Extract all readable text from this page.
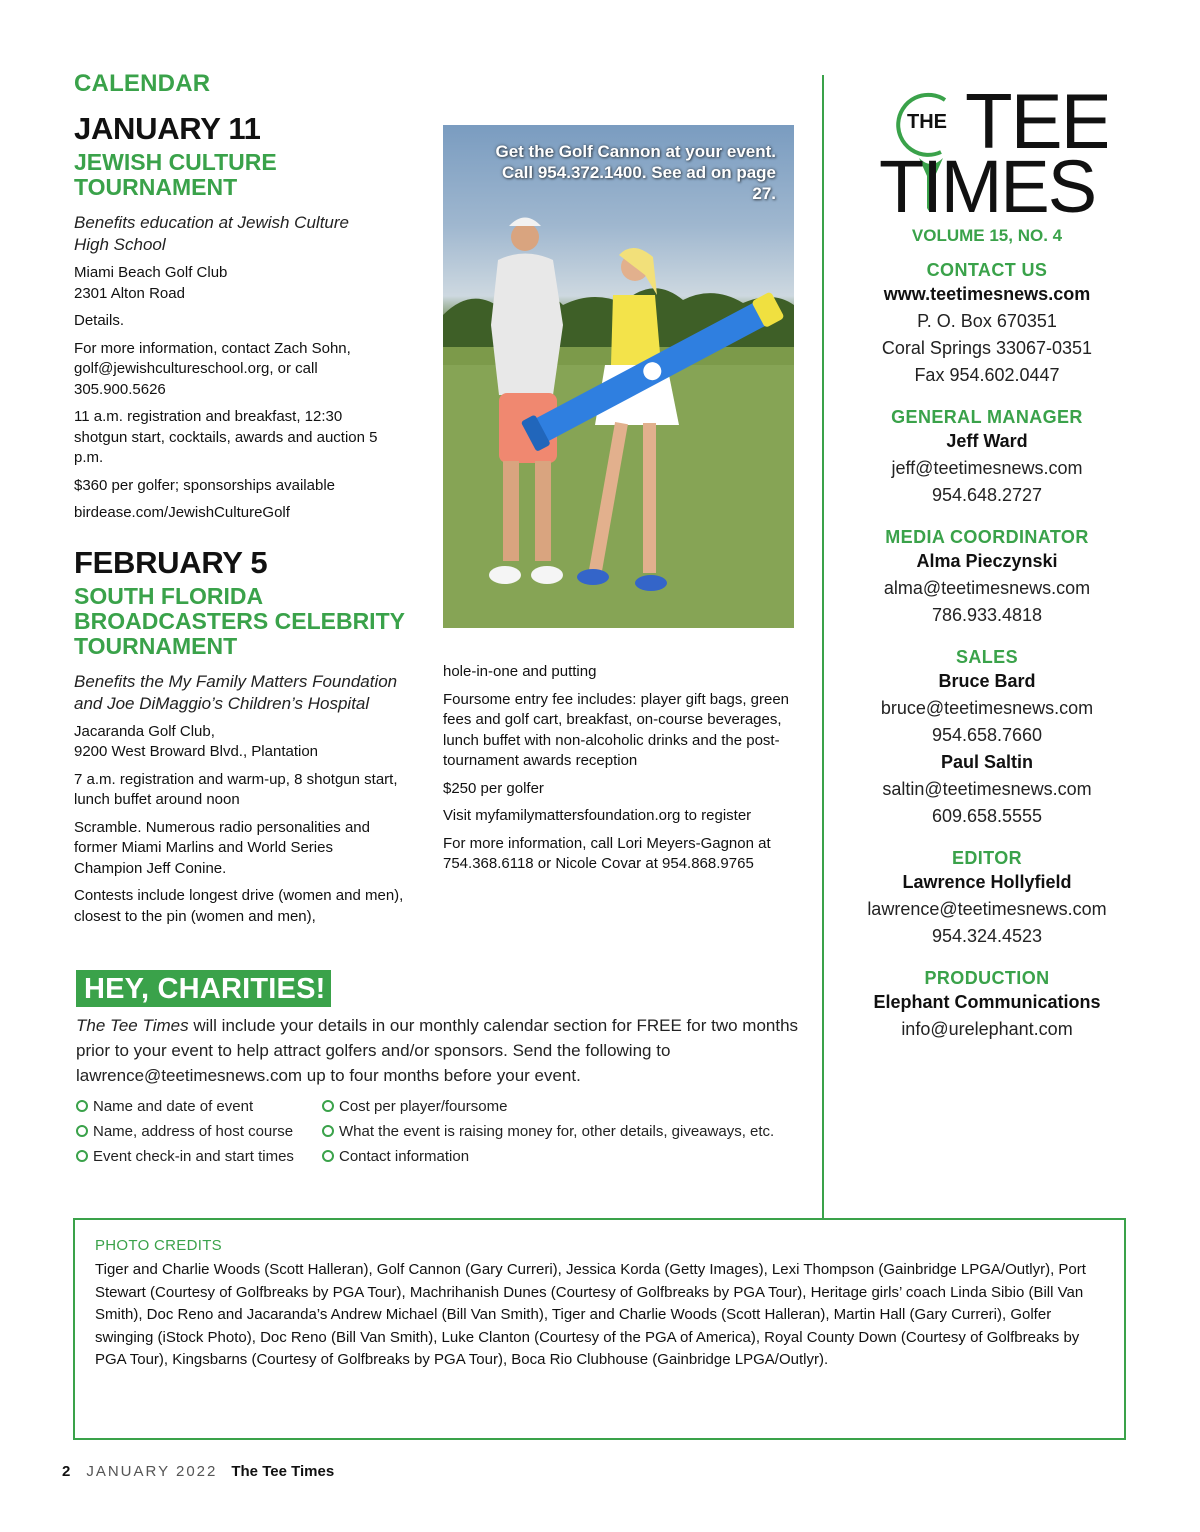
CALENDAR
JANUARY 11
JEWISH CULTURE TOURNAMENT
Benefits education at Jewish Culture High School
Miami Beach Golf Club
2301 Alton Road
Details.
For more information, contact Zach Sohn, golf@jewishcultureschool.org, or call 305.900.5626
11 a.m. registration and breakfast, 12:30 shotgun start, cocktails, awards and auction 5 p.m.
$360 per golfer; sponsorships available
birdease.com/JewishCultureGolf
FEBRUARY 5
SOUTH FLORIDA BROADCASTERS CELEBRITY TOURNAMENT
Benefits the My Family Matters Foundation and Joe DiMaggio’s Children’s Hospital
Jacaranda Golf Club,
9200 West Broward Blvd., Plantation
7 a.m. registration and warm-up, 8 shotgun start, lunch buffet around noon
Scramble. Numerous radio personalities and former Miami Marlins and World Series Champion Jeff Conine.
Contests include longest drive (women and men), closest to the pin (women and men),
Get the Golf Cannon at your event. Call 954.372.1400. See ad on page 27.
hole-in-one and putting
Foursome entry fee includes: player gift bags, green fees and golf cart, breakfast, on-course beverages, lunch buffet with non-alcoholic drinks and the post-tournament awards reception
$250 per golfer
Visit myfamilymattersfoundation.org to register
For more information, call Lori Meyers-Gagnon at 754.368.6118 or Nicole Covar at 954.868.9765
HEY, CHARITIES!
The Tee Times will include your details in our monthly calendar section for FREE for two months prior to your event to help attract golfers and/or sponsors. Send the following to lawrence@teetimesnews.com up to four months before your event.
Name and date of event
Name, address of host course
Event check-in and start times
Cost per player/foursome
What the event is raising money for, other details, giveaways, etc.
Contact information
THE TEE
TIMES
VOLUME 15, NO. 4
CONTACT US
www.teetimesnews.com
P. O. Box 670351
Coral Springs 33067-0351
Fax 954.602.0447
GENERAL MANAGER
Jeff Ward
jeff@teetimesnews.com
954.648.2727
MEDIA COORDINATOR
Alma Pieczynski
alma@teetimesnews.com
786.933.4818
SALES
Bruce Bard
bruce@teetimesnews.com
954.658.7660
Paul Saltin
saltin@teetimesnews.com
609.658.5555
EDITOR
Lawrence Hollyfield
lawrence@teetimesnews.com
954.324.4523
PRODUCTION
Elephant Communications
info@urelephant.com
PHOTO CREDITS
Tiger and Charlie Woods (Scott Halleran), Golf Cannon (Gary Curreri), Jessica Korda (Getty Images), Lexi Thompson (Gainbridge LPGA/Outlyr), Port Stewart (Courtesy of Golfbreaks by PGA Tour), Machrihanish Dunes (Courtesy of Golfbreaks by PGA Tour), Heritage girls’ coach Linda Sibio (Bill Van Smith), Doc Reno and Jacaranda’s Andrew Michael (Bill Van Smith), Tiger and Charlie Woods (Scott Halleran), Martin Hall (Gary Curreri), Golfer swinging (iStock Photo), Doc Reno (Bill Van Smith), Luke Clanton (Courtesy of the PGA of America), Royal County Down (Courtesy of Golfbreaks by PGA Tour), Kingsbarns (Courtesy of Golfbreaks by PGA Tour), Boca Rio Clubhouse (Gainbridge LPGA/Outlyr).
2 JANUARY 2022 The Tee Times
